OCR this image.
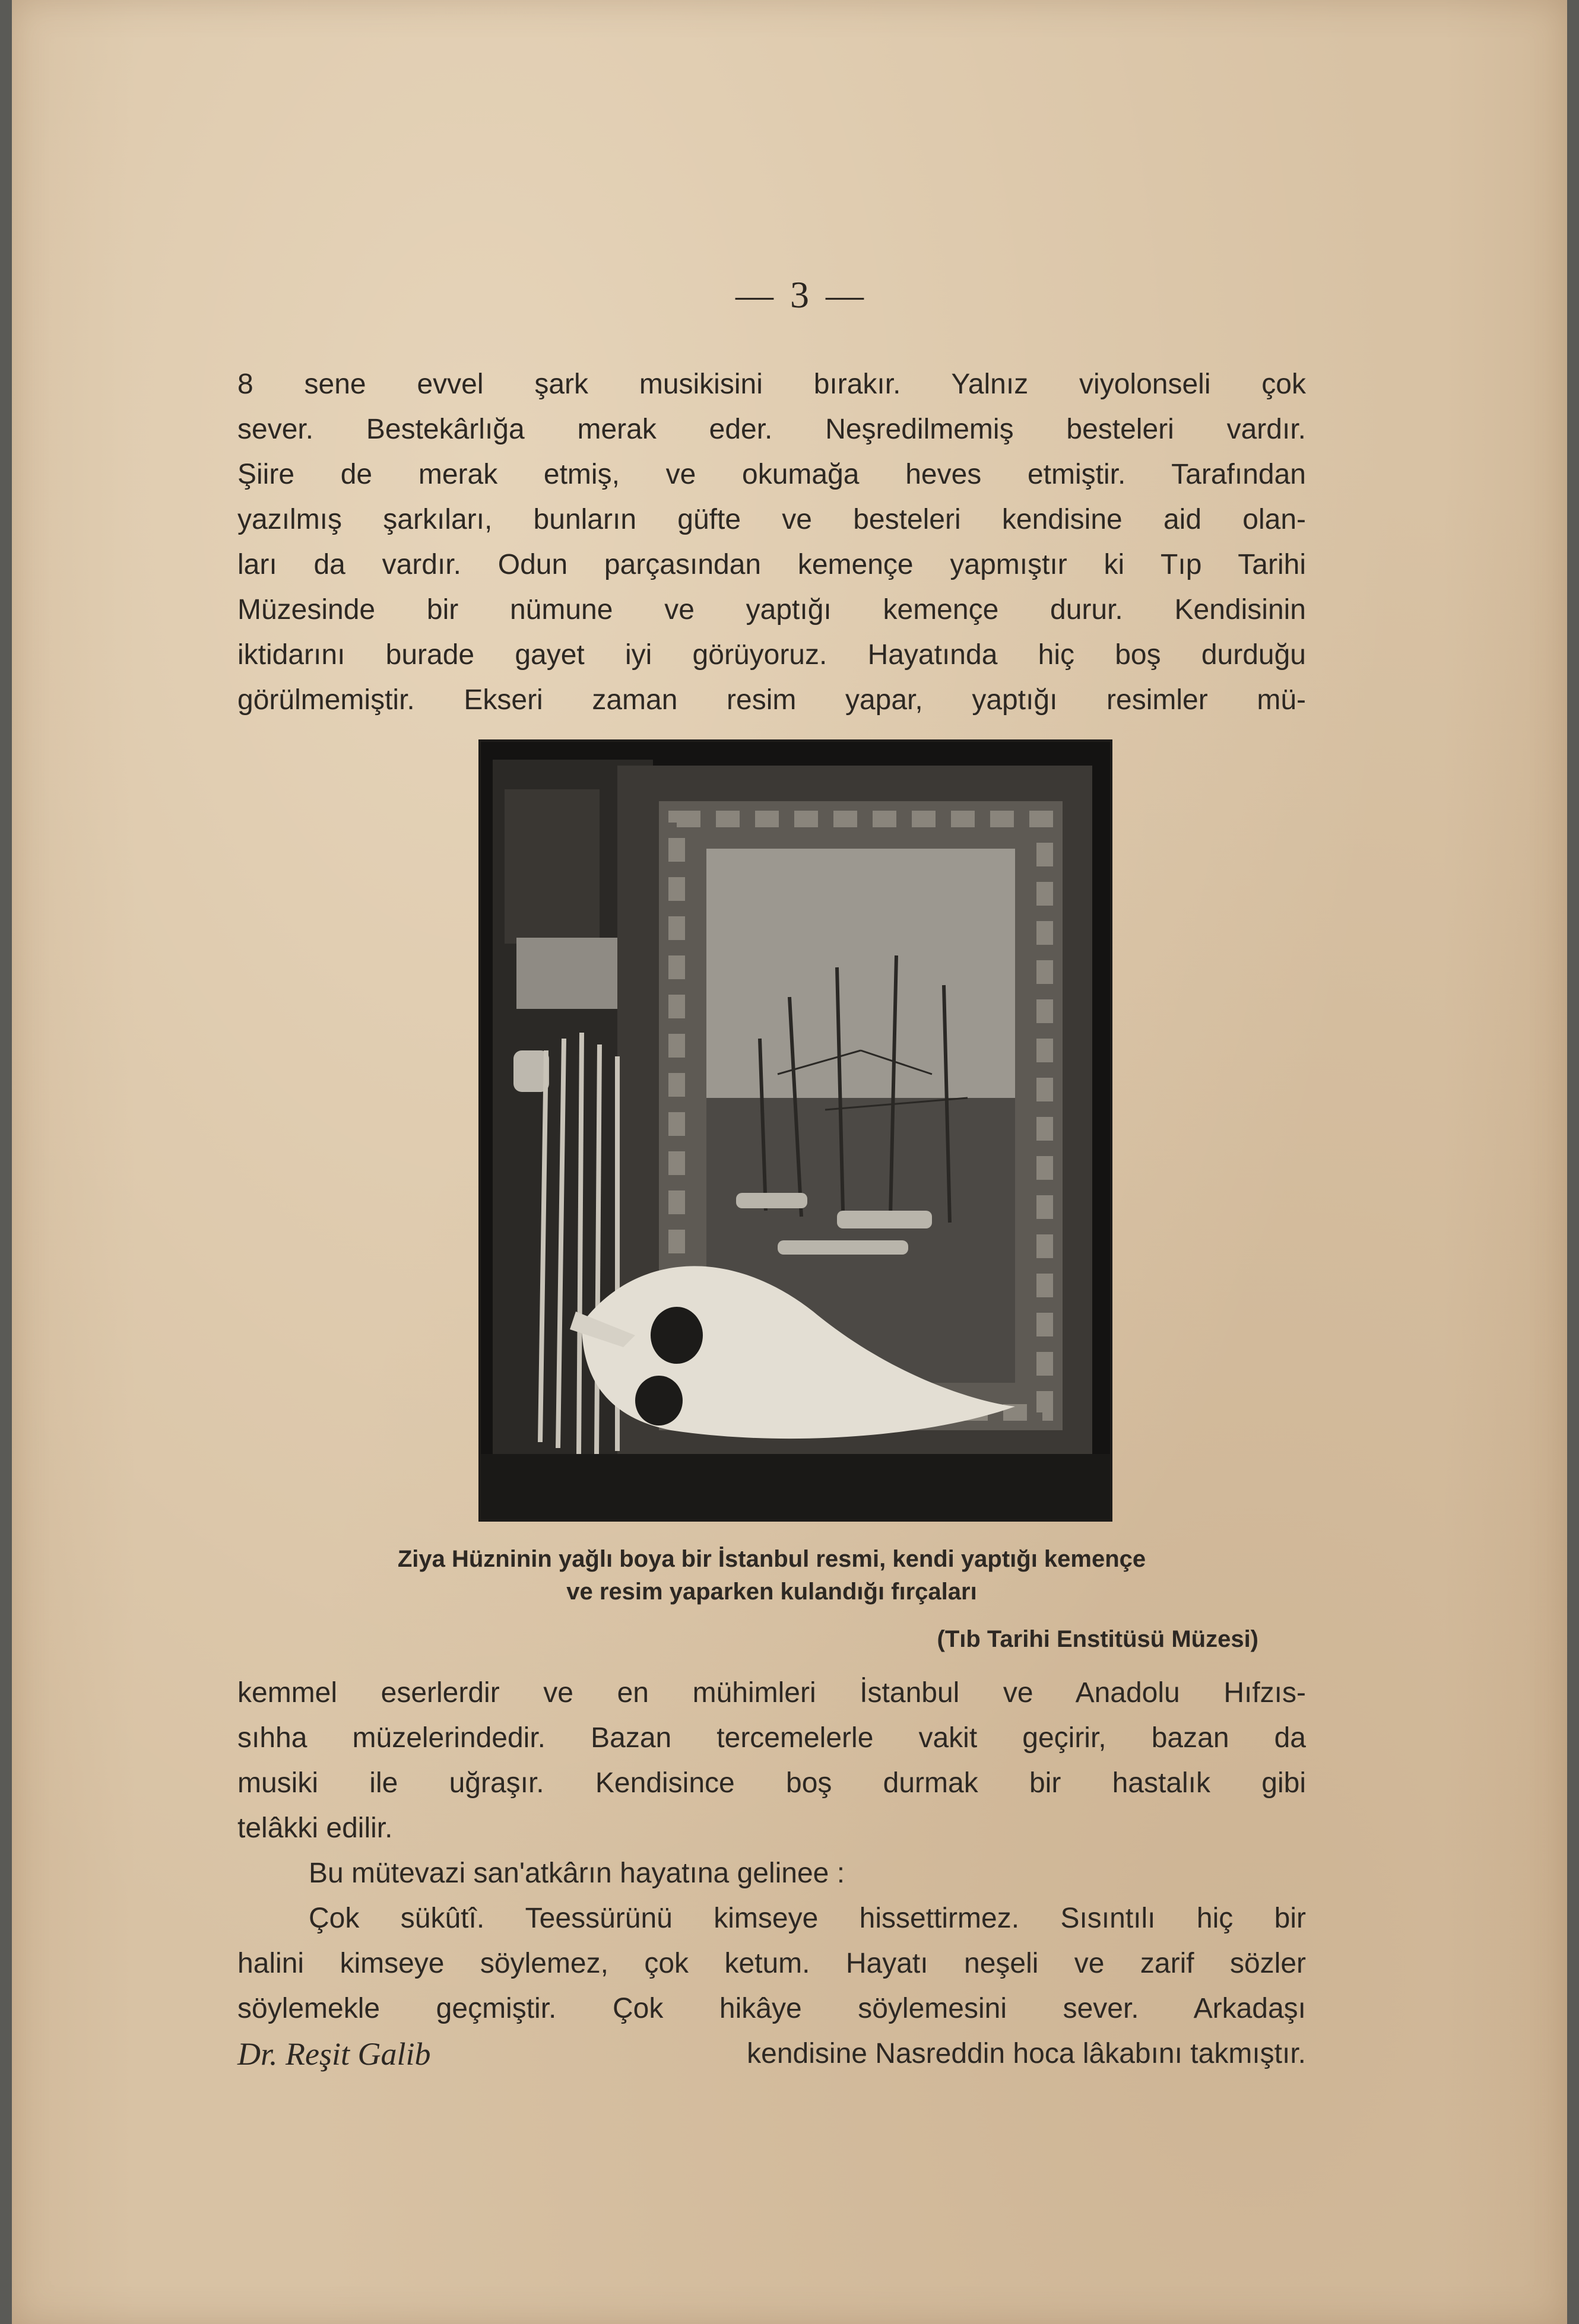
— 3 —
8 sene evvel şark musikisini bırakır. Yalnız viyolonseli çok
sever. Bestekârlığa merak eder. Neşredilmemiş besteleri vardır.
Şiire de merak etmiş, ve okumağa heves etmiştir. Tarafından
yazılmış şarkıları, bunların güfte ve besteleri kendisine aid olan-
ları da vardır. Odun parçasından kemençe yapmıştır ki Tıp Tarihi
Müzesinde bir nümune ve yaptığı kemençe durur. Kendisinin
iktidarını burade gayet iyi görüyoruz. Hayatında hiç boş durduğu
görülmemiştir. Ekseri zaman resim yapar, yaptığı resimler mü-
Ziya Hüzninin yağlı boya bir İstanbul resmi, kendi yaptığı kemençe
ve resim yaparken kulandığı fırçaları
(Tıb Tarihi Enstitüsü Müzesi)
kemmel eserlerdir ve en mühimleri İstanbul ve Anadolu Hıfzıs-
sıhha müzelerindedir. Bazan tercemelerle vakit geçirir, bazan da
musiki ile uğraşır. Kendisince boş durmak bir hastalık gibi
telâkki edilir.
Bu mütevazi san'atkârın hayatına gelinee :
Çok sükûtî. Teessürünü kimseye hissettirmez. Sısıntılı hiç bir
halini kimseye söylemez, çok ketum. Hayatı neşeli ve zarif sözler
söylemekle geçmiştir. Çok hikâye söylemesini sever. Arkadaşı
Dr. Reşit Galib	kendisine Nasreddin hoca lâkabını takmıştır.
